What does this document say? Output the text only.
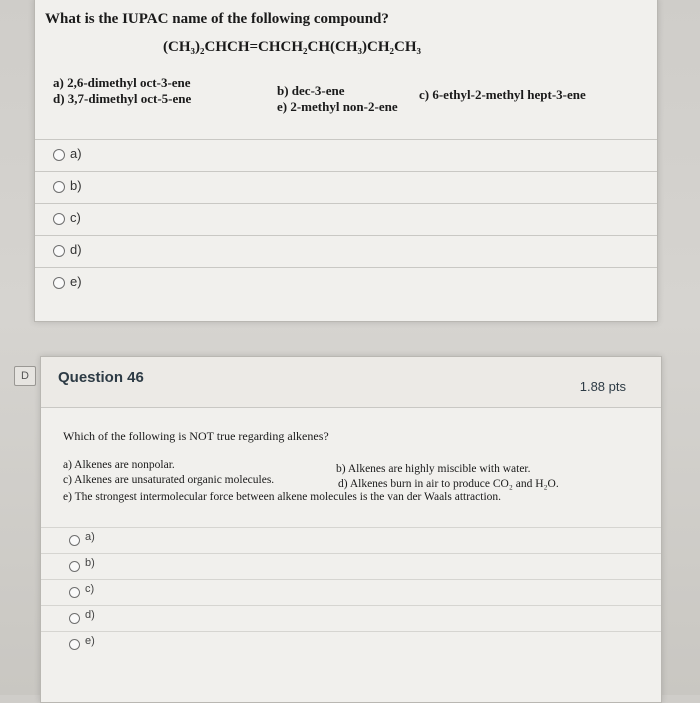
D
What is the IUPAC name of the following compound?
(CH₃)₂CHCH=CHCH₂CH(CH₃)CH₂CH₃
a) 2,6-dimethyl oct-3-ene
d) 3,7-dimethyl oct-5-ene
b) dec-3-ene
e) 2-methyl non-2-ene
c) 6-ethyl-2-methyl hept-3-ene
a)
b)
c)
d)
e)
Question 46
1.88 pts
Which of the following is NOT true regarding alkenes?
a) Alkenes are nonpolar.	b) Alkenes are highly miscible with water.
c) Alkenes are unsaturated organic molecules.	d) Alkenes burn in air to produce CO₂ and H₂O.
e) The strongest intermolecular force between alkene molecules is the van der Waals attraction.
a)
b)
c)
d)
e)
